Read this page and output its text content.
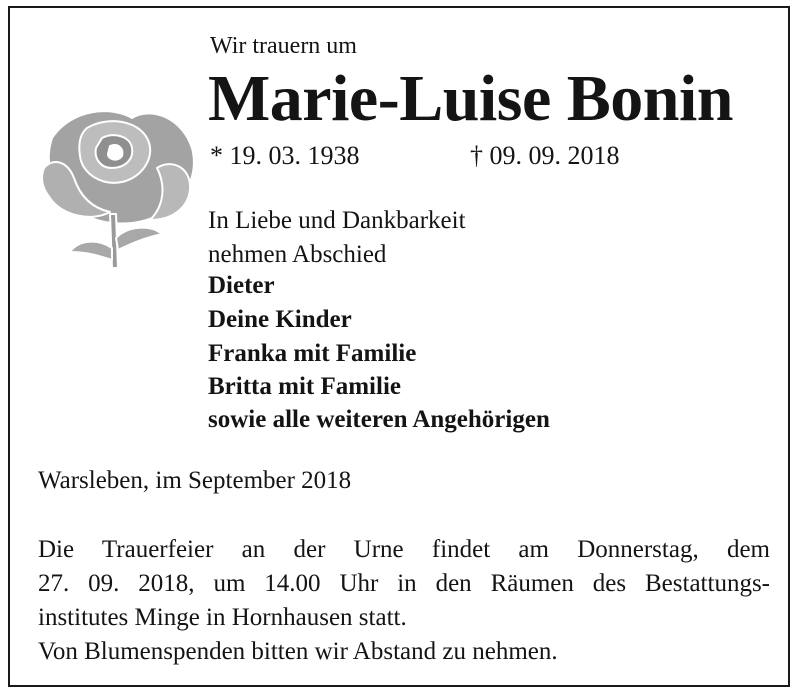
Wir trauern um

Marie-Luise Bonin

* 19. 03. 1938	† 09. 09. 2018

In Liebe und Dankbarkeit

nehmen Abschied

Dieter

Deine Kinder

Franka mit Familie

Britta mit Familie

sowie alle weiteren Angehörigen

Warsleben, im September 2018

Die Trauerfeier an der Urne findet am Donnerstag, dem
27. 09. 2018, um 14.00 Uhr in den Räumen des Bestattungs-
institutes Minge in Hornhausen statt.
Von Blumenspenden bitten wir Abstand zu nehmen.
